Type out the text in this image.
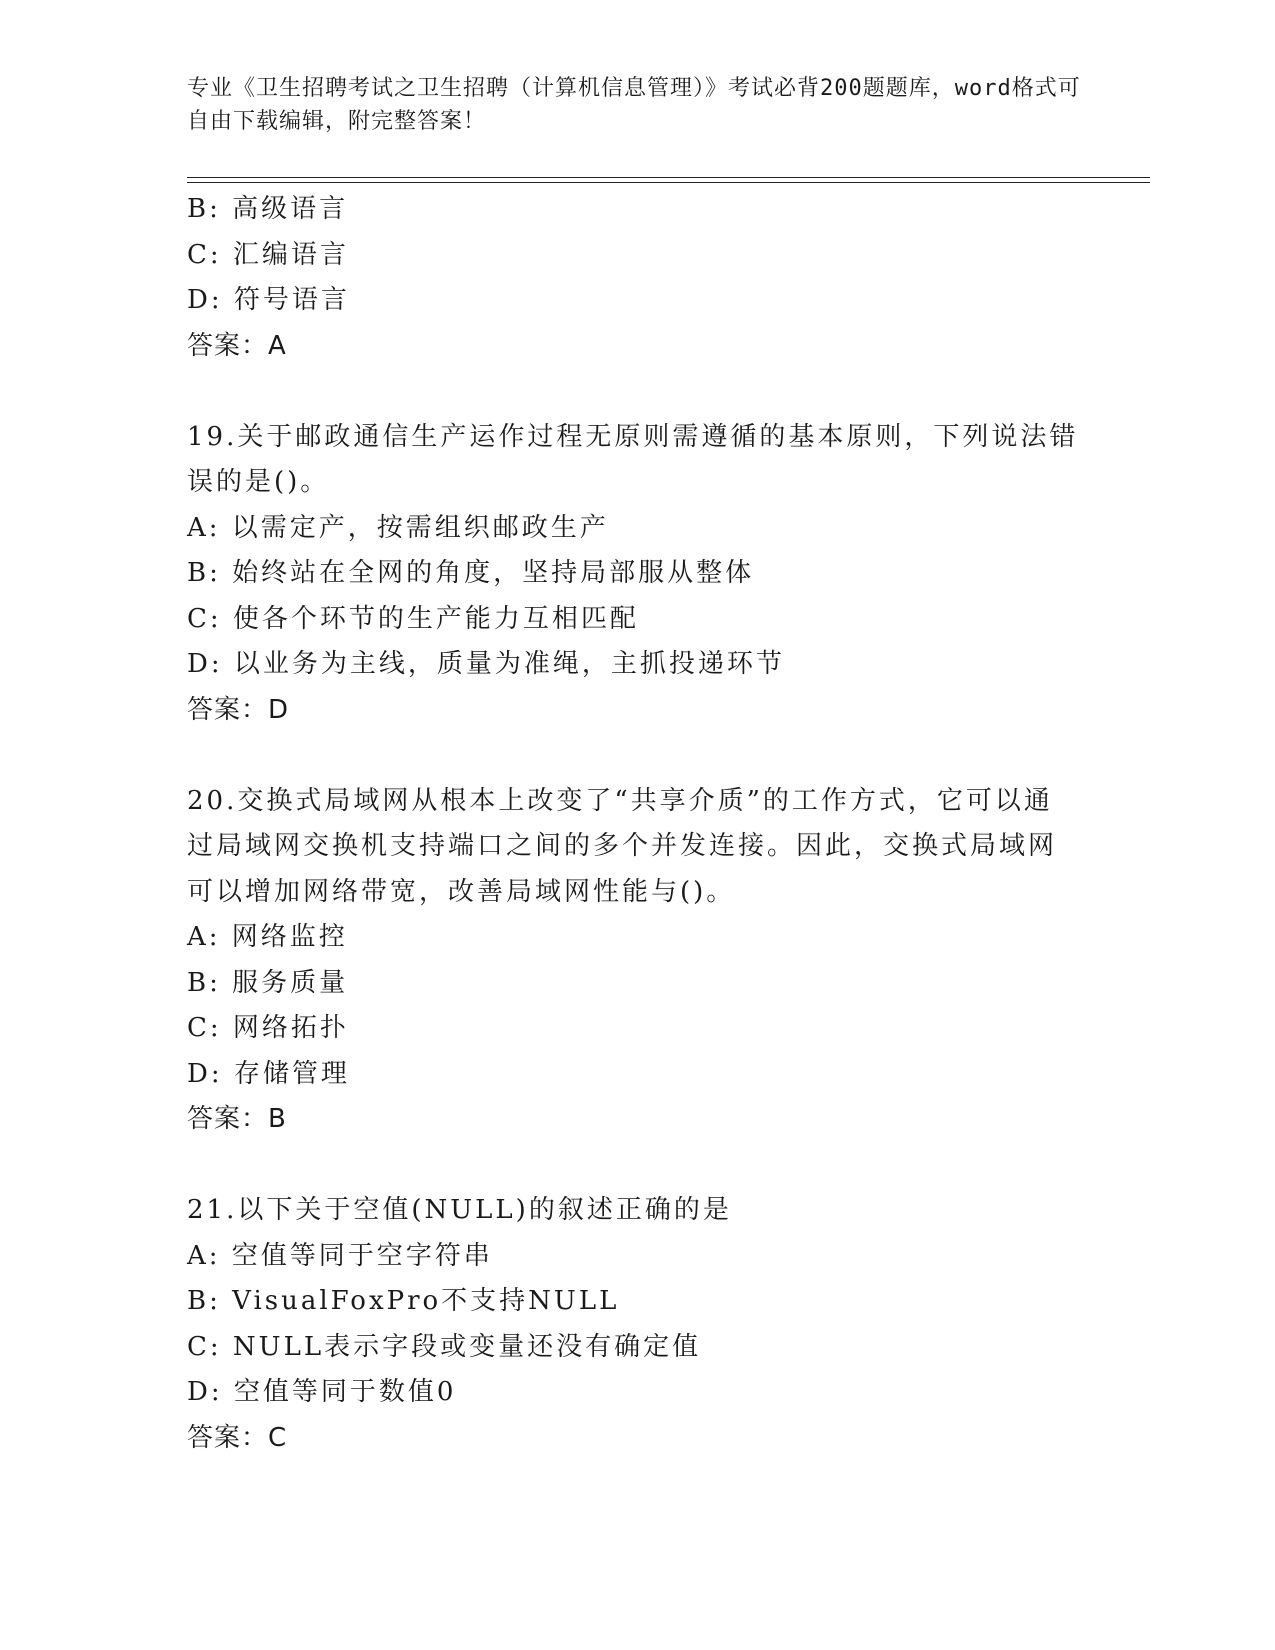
专业《卫生招聘考试之卫生招聘（计算机信息管理）》考试必背200题题库，word格式可自由下载编辑，附完整答案！
B: 高级语言
C: 汇编语言
D: 符号语言
答案：A
19.关于邮政通信生产运作过程无原则需遵循的基本原则，下列说法错
误的是()。
A: 以需定产，按需组织邮政生产
B: 始终站在全网的角度，坚持局部服从整体
C: 使各个环节的生产能力互相匹配
D: 以业务为主线，质量为准绳，主抓投递环节
答案：D
20.交换式局域网从根本上改变了“共享介质”的工作方式，它可以通
过局域网交换机支持端口之间的多个并发连接。因此，交换式局域网
可以增加网络带宽，改善局域网性能与()。
A: 网络监控
B: 服务质量
C: 网络拓扑
D: 存储管理
答案：B
21.以下关于空值(NULL)的叙述正确的是
A: 空值等同于空字符串
B: VisualFoxPro不支持NULL
C: NULL表示字段或变量还没有确定值
D: 空值等同于数值0
答案：C
